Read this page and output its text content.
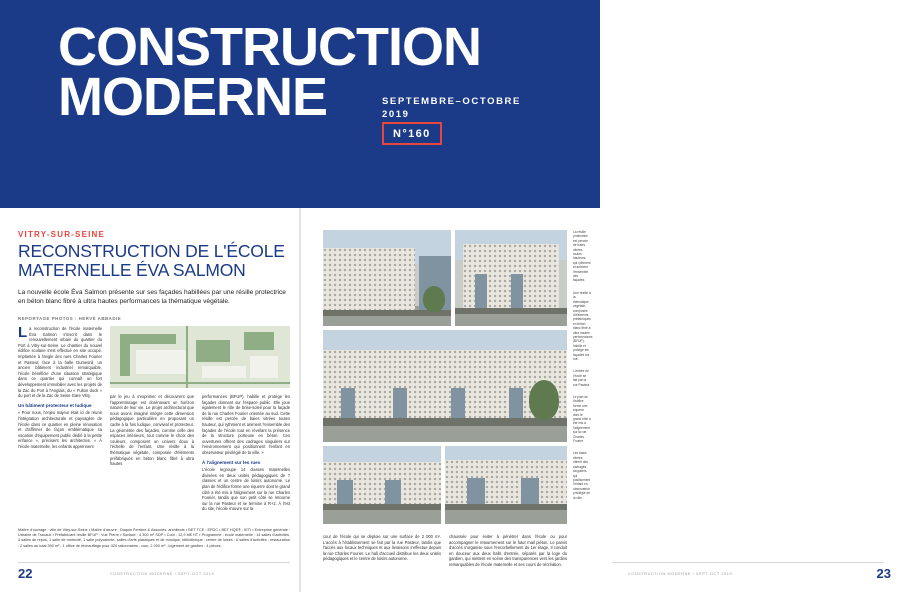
CONSTRUCTION
MODERNE	SEPTEMBRE–OCTOBRE
2019
N°160
VITRY-SUR-SEINE
RECONSTRUCTION DE L'ÉCOLE MATERNELLE ÉVA SALMON
La nouvelle école Éva Salmon présente sur ses façades habillées par une résille protectrice en béton blanc fibré à ultra hautes performances la thématique végétale.
REPORTAGE PHOTOS : HERVÉ ABBADIE

La reconstruction de l'école maternelle Éva Salmon s'inscrit dans le renouvellement urbain du quartier du Port à Vitry-sur-Seine. Le chantier du nouvel édifice scolaire s'est effectué en site occupé. Implantée à l'angle des rues Charles Fourier et Pasteur, face à la halle Dumesnil, un ancien bâtiment industriel remarquable, l'école bénéficie d'une situation stratégique dans ce quartier qui connaît un fort développement immobilier avec les projets de la Zac du Port à l'Anglais, du « Fulton dock » du port et de la Zac de Seine Gare Vitry.

Un bâtiment protecteur et ludique

« Pour nous, l'enjeu majeur était ici de réunir l'intégration architecturale et paysagère de l'école dans ce quartier en pleine rénovation et d'affirmer de façon emblématique sa vocation d'équipement public dédié à la petite enfance », précisent les architectes. « À l'école maternelle, les enfants apprennent

par le jeu à s'exprimer et découvrent que l'apprentissage est dorénavant un horizon naturel de leur vie. Le projet architectural que nous avons imaginé intègre cette dimension pédagogique particulière en proposant un cadre à la fois ludique, convivial et protecteur. La géométrie des façades, comme celle des espaces intérieurs, tout comme le choix des couleurs, composent un univers doux à l'échelle de l'enfant. Une résille à la thématique végétale, composée d'éléments préfabriqués en béton blanc fibré à ultra hautes

performances (BFUP), habille et protège les façades donnant sur l'espace public. Elle joue également le rôle de brise-soleil pour la façade de la rue Charles Fourier orientée au sud. Cette résille est percée de baies vitrées toutes hauteur, qui rythment et animent l'ensemble des façades de l'école tout en révélant la présence de la structure porteuse en béton. Ces ouvertures offrent des cadrages singuliers sur l'environnement qui positionnent l'enfant en observateur privilégié de la ville. »

À l'alignement sur les rues

L'école regroupe 14 classes maternelles divisées en deux unités pédagogiques de 7 classes et un centre de loisirs autonome. Le plan de l'édifice forme une équerre dont le grand côté a été mis à l'alignement sur la rue Charles Fourier, tandis que son petit côté se retourne sur la rue Pasteur et se termine à R+2. À l'est du site, l'école s'ouvre sur la

Maître d'ouvrage : ville de Vitry-sur-Seine • Maître d'œuvre : Daquin Ferrière & Associés, architecte • BET TCE : EPDC • BET HQE® : IETI • Entreprise générale : Urbaine de Travaux • Préfabricant résille BFUP : Vue Pierre • Surface : 4 300 m² SDP • Coût : 12,9 M€ HT • Programme : école maternelle : 14 salles d'activités, 4 salles de repos, 1 salle de motricité, 1 salle polyvalente, salles d'arts plastiques et de musique, bibliothèque ; centre de loisirs : 6 salles d'activités ; restauration : 2 salles au total 390 m² ; 1 office de réchauffage pour 320 rationnaires ; cour, 2 000 m² ; logement de gardien : 4 pièces.
22	CONSTRUCTION MODERNE / SEPT-OCT 2019

La résille protectrice est percée de baies vitrées toutes hauteurs, qui rythment et animent l'ensemble des façades.

Une résille à la thématique végétale, composée d'éléments préfabriqués en béton blanc fibré à ultra hautes performances (BFUP), habille et protège les façades sur rue.

L'entrée de l'école se fait par la rue Pasteur.

Le plan de l'édifice forme une équerre dont le grand côté a été mis à l'alignement sur la rue Charles Fourier.

Les baies vitrées offrent des cadrages singuliers qui positionnent l'enfant en observateur privilégié de la ville.

cour de l'école qui se déploie sur une surface de 2 000 m². L'accès à l'établissement se fait par la rue Pasteur, tandis que l'accès aux locaux techniques et aux livraisons s'effectue depuis la rue Charles Fourier. Le hall d'accueil distribue les deux unités pédagogiques et le centre de loisirs autonome.

chaussée pour éviter à pénétrer dans l'école ou pour accompagner le retournement sur le futur mail piéton. Le parvis d'accès s'organise sous l'encorbellement du 1er étage. Il conduit en douceur aux deux halls d'entrée, séparés par la loge du gardien, qui mettent en scène des transparences vers les jardins remarquables de l'école maternelle et ses cours de récréation.

23
CONSTRUCTION MODERNE / SEPT-OCT 2019
